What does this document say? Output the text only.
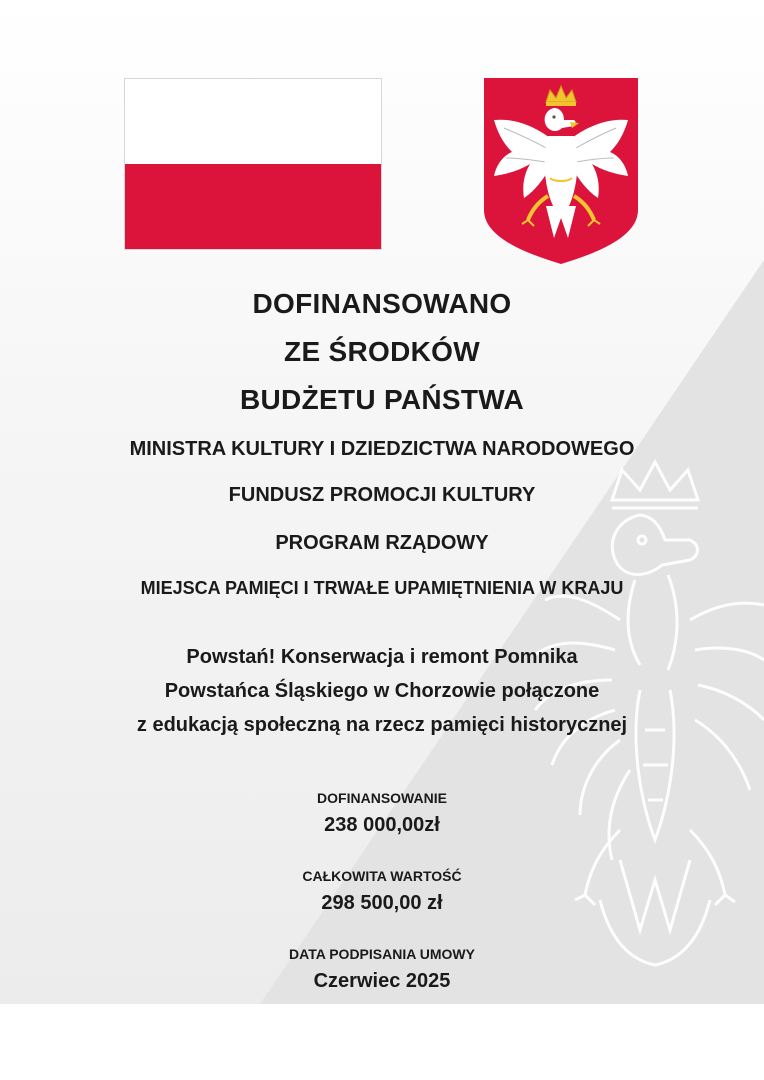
DOFINANSOWANO

ZE ŚRODKÓW

BUDŻETU PAŃSTWA

MINISTRA KULTURY I DZIEDZICTWA NARODOWEGO

FUNDUSZ PROMOCJI KULTURY

PROGRAM RZĄDOWY

MIEJSCA PAMIĘCI I TRWAŁE UPAMIĘTNIENIA W KRAJU

Powstań! Konserwacja i remont Pomnika

Powstańca Śląskiego w Chorzowie połączone

z edukacją społeczną na rzecz pamięci historycznej

DOFINANSOWANIE

238 000,00zł

CAŁKOWITA WARTOŚĆ

298 500,00 zł

DATA PODPISANIA UMOWY

Czerwiec 2025
